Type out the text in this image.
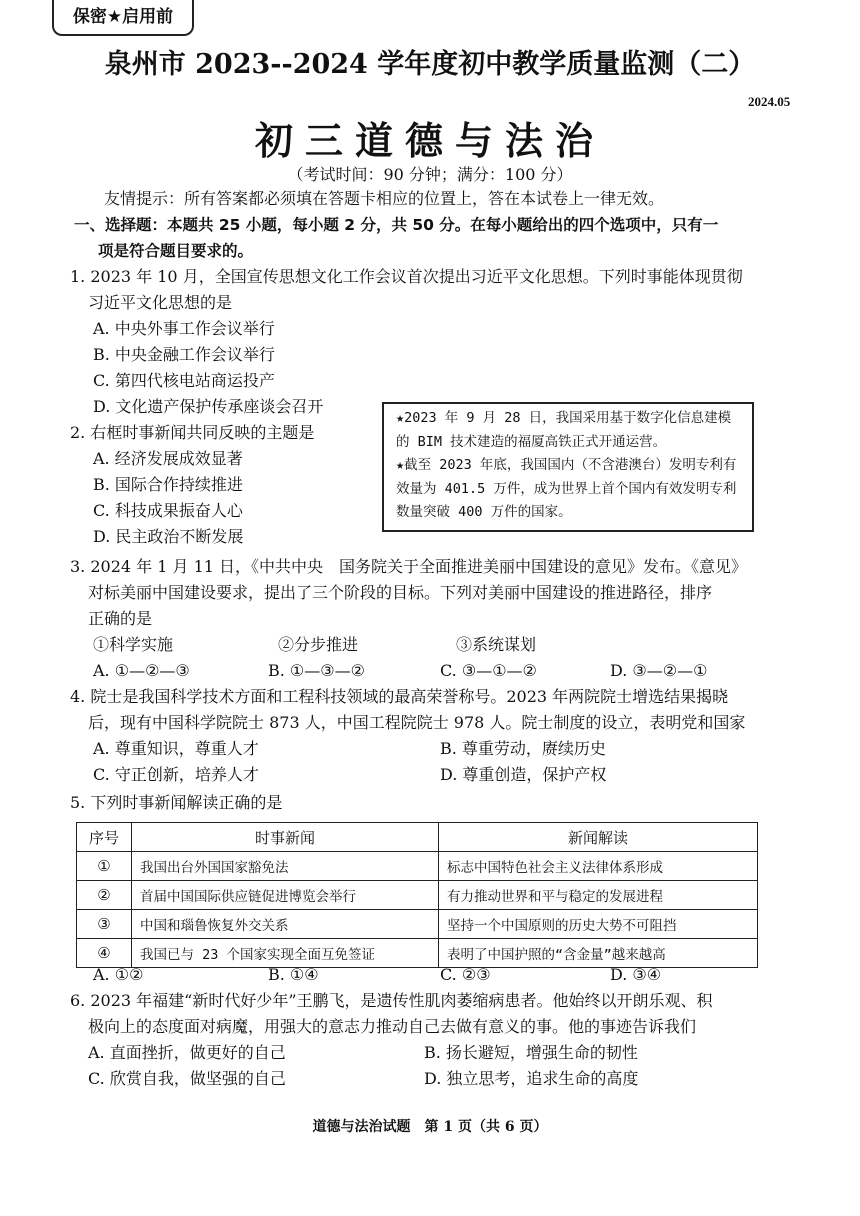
保密★启用前
泉州市 2023--2024 学年度初中教学质量监测（二）
2024.05
初三道德与法治
（考试时间：90 分钟；满分：100 分）
友情提示：所有答案都必须填在答题卡相应的位置上，答在本试卷上一律无效。
一、选择题：本题共 25 小题，每小题 2 分，共 50 分。在每小题给出的四个选项中，只有一
项是符合题目要求的。
1. 2023 年 10 月，全国宣传思想文化工作会议首次提出习近平文化思想。下列时事能体现贯彻
习近平文化思想的是
A. 中央外事工作会议举行
B. 中央金融工作会议举行
C. 第四代核电站商运投产
D. 文化遗产保护传承座谈会召开
2. 右框时事新闻共同反映的主题是
A. 经济发展成效显著
B. 国际合作持续推进
C. 科技成果振奋人心
D. 民主政治不断发展

★2023 年 9 月 28 日，我国采用基于数字化信息建模的 BIM 技术建造的福厦高铁正式开通运营。

★截至 2023 年底，我国国内（不含港澳台）发明专利有效量为 401.5 万件，成为世界上首个国内有效发明专利数量突破 400 万件的国家。

3. 2024 年 1 月 11 日，《中共中央　国务院关于全面推进美丽中国建设的意见》发布。《意见》
对标美丽中国建设要求，提出了三个阶段的目标。下列对美丽中国建设的推进路径，排序
正确的是
①科学实施	②分步推进	③系统谋划
A. ①—②—③	B. ①—③—②	C. ③—①—②	D. ③—②—①
4. 院士是我国科学技术方面和工程科技领域的最高荣誉称号。2023 年两院院士增选结果揭晓
后，现有中国科学院院士 873 人，中国工程院院士 978 人。院士制度的设立，表明党和国家
A. 尊重知识，尊重人才	B. 尊重劳动，赓续历史
C. 守正创新，培养人才	D. 尊重创造，保护产权
5. 下列时事新闻解读正确的是
序号	时事新闻	新闻解读
①	我国出台外国国家豁免法	标志中国特色社会主义法律体系形成
②	首届中国国际供应链促进博览会举行	有力推动世界和平与稳定的发展进程
③	中国和瑙鲁恢复外交关系	坚持一个中国原则的历史大势不可阻挡
④	我国已与 23 个国家实现全面互免签证	表明了中国护照的“含金量”越来越高
A. ①②	B. ①④	C. ②③	D. ③④
6. 2023 年福建“新时代好少年”王鹏飞，是遗传性肌肉萎缩病患者。他始终以开朗乐观、积
极向上的态度面对病魔，用强大的意志力推动自己去做有意义的事。他的事迹告诉我们
A. 直面挫折，做更好的自己	B. 扬长避短，增强生命的韧性
C. 欣赏自我，做坚强的自己	D. 独立思考，追求生命的高度
道德与法治试题　第 1 页（共 6 页）
